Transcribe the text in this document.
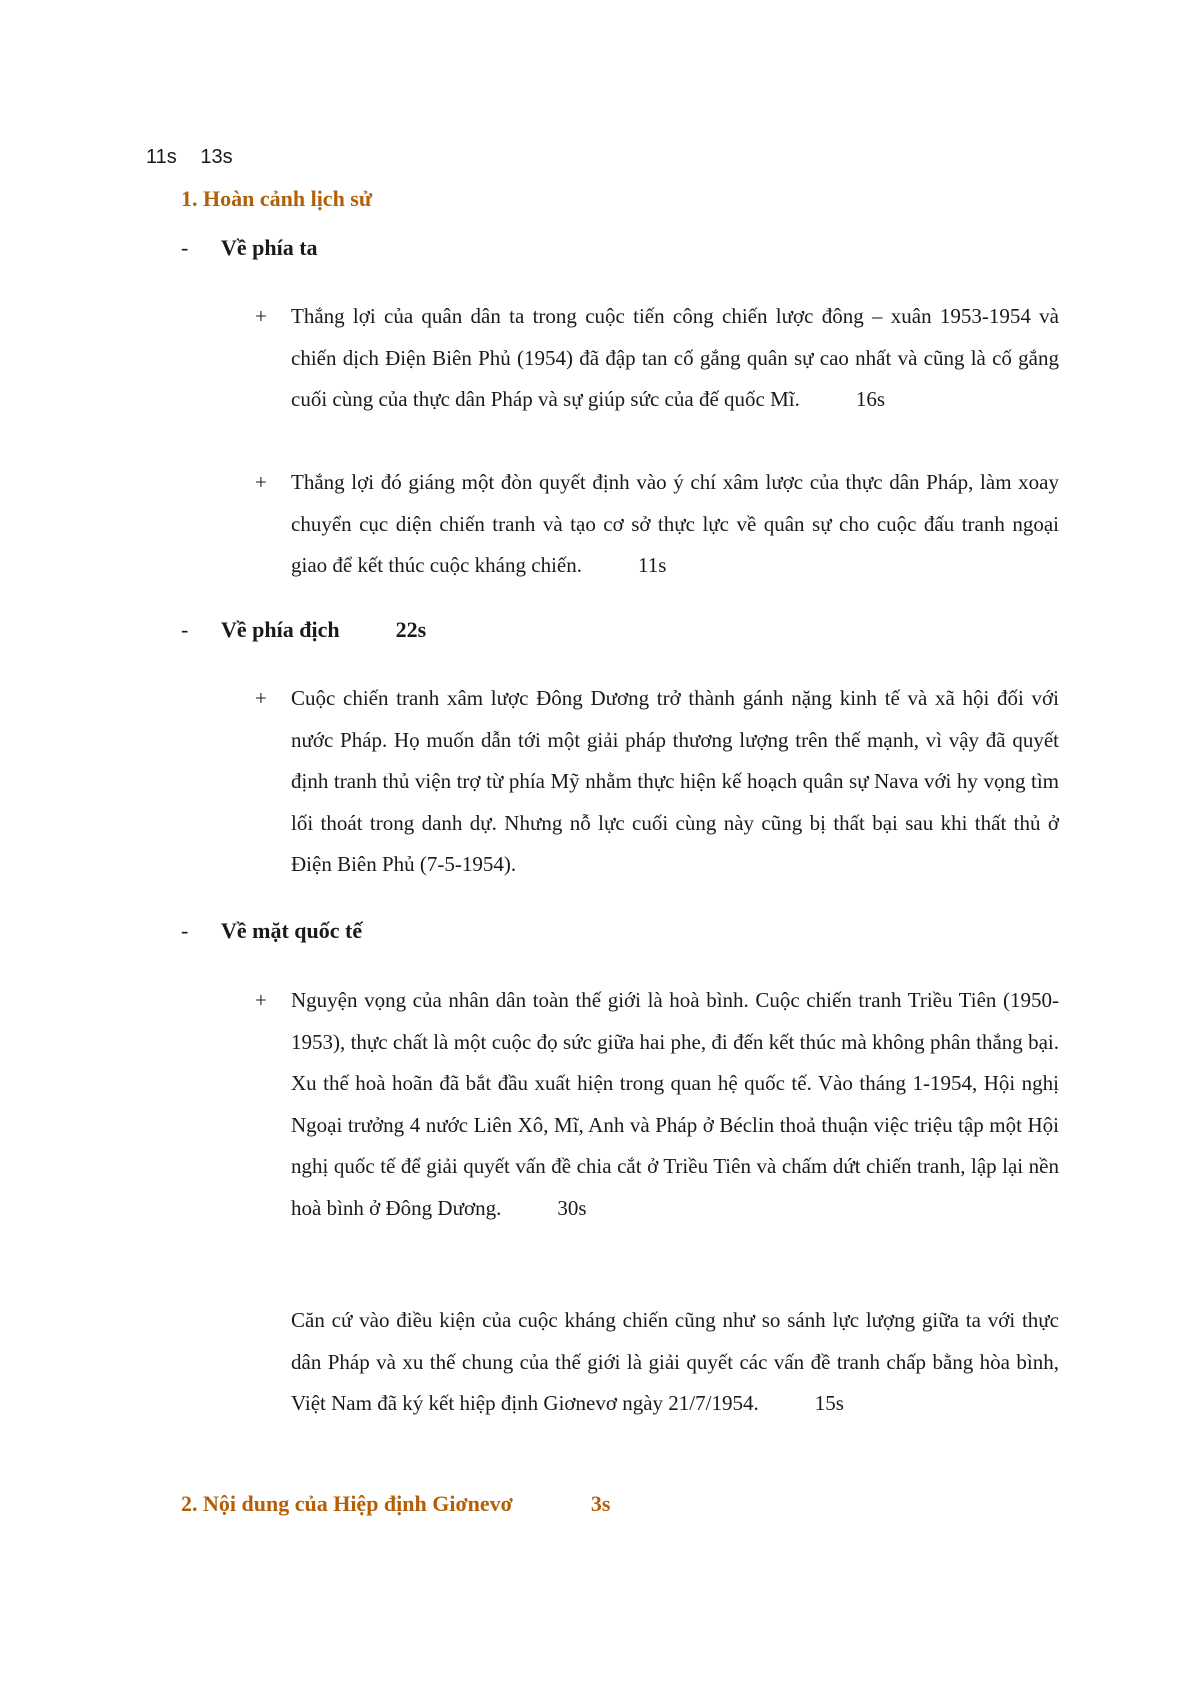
11s 13s
1. Hoàn cảnh lịch sử
- Về phía ta
+ Thắng lợi của quân dân ta trong cuộc tiến công chiến lược đông – xuân 1953-1954 và chiến dịch Điện Biên Phủ (1954) đã đập tan cố gắng quân sự cao nhất và cũng là cố gắng cuối cùng của thực dân Pháp và sự giúp sức của đế quốc Mĩ.	16s
+ Thắng lợi đó giáng một đòn quyết định vào ý chí xâm lược của thực dân Pháp, làm xoay chuyển cục diện chiến tranh và tạo cơ sở thực lực về quân sự cho cuộc đấu tranh ngoại giao để kết thúc cuộc kháng chiến.	11s
- Về phía địch	22s
+ Cuộc chiến tranh xâm lược Đông Dương trở thành gánh nặng kinh tế và xã hội đối với nước Pháp. Họ muốn dẫn tới một giải pháp thương lượng trên thế mạnh, vì vậy đã quyết định tranh thủ viện trợ từ phía Mỹ nhằm thực hiện kế hoạch quân sự Nava với hy vọng tìm lối thoát trong danh dự. Nhưng nỗ lực cuối cùng này cũng bị thất bại sau khi thất thủ ở Điện Biên Phủ (7-5-1954).
- Về mặt quốc tế
+ Nguyện vọng của nhân dân toàn thế giới là hoà bình. Cuộc chiến tranh Triều Tiên (1950-1953), thực chất là một cuộc đọ sức giữa hai phe, đi đến kết thúc mà không phân thắng bại. Xu thế hoà hoãn đã bắt đầu xuất hiện trong quan hệ quốc tế. Vào tháng 1-1954, Hội nghị Ngoại trưởng 4 nước Liên Xô, Mĩ, Anh và Pháp ở Béclin thoả thuận việc triệu tập một Hội nghị quốc tế để giải quyết vấn đề chia cắt ở Triều Tiên và chấm dứt chiến tranh, lập lại nền hoà bình ở Đông Dương.	30s
Căn cứ vào điều kiện của cuộc kháng chiến cũng như so sánh lực lượng giữa ta với thực dân Pháp và xu thế chung của thế giới là giải quyết các vấn đề tranh chấp bằng hòa bình, Việt Nam đã ký kết hiệp định Giơnevơ ngày 21/7/1954.	15s
2. Nội dung của Hiệp định Giơnevơ	3s
